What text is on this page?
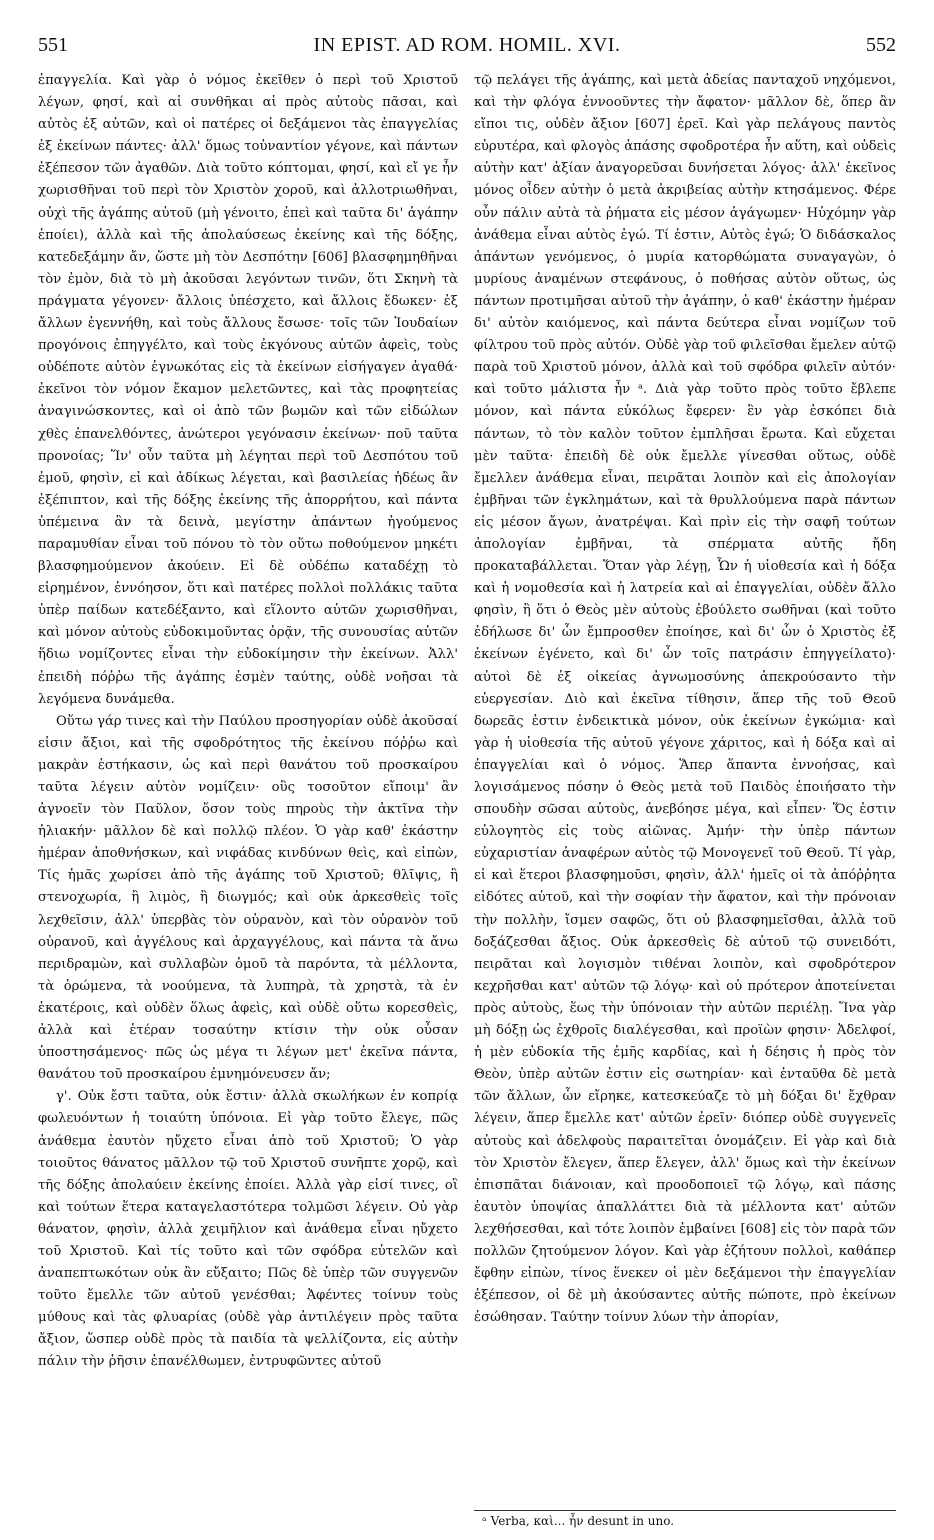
551	IN EPIST. AD ROM. HOMIL. XVI.	552

ἐπαγγελία. Καὶ γὰρ ὁ νόμος ἐκεῖθεν ὁ περὶ τοῦ Χριστοῦ λέγων, φησί, καὶ αἱ συνθῆκαι αἱ πρὸς αὐτοὺς πᾶσαι, καὶ αὐτὸς ἐξ αὐτῶν, καὶ οἱ πατέρες οἱ δεξάμενοι τὰς ἐπαγγελίας ἐξ ἐκείνων πάντες· ἀλλ' ὅμως τοὐναντίον γέγονε, καὶ πάντων ἐξέπεσον τῶν ἀγαθῶν. Διὰ τοῦτο κόπτομαι, φησί, καὶ εἴ γε ἦν χωρισθῆναι τοῦ περὶ τὸν Χριστὸν χοροῦ, καὶ ἀλλοτριωθῆναι, οὐχὶ τῆς ἀγάπης αὐτοῦ (μὴ γένοιτο, ἐπεὶ καὶ ταῦτα δι' ἀγάπην ἐποίει), ἀλλὰ καὶ τῆς ἀπολαύσεως ἐκείνης καὶ τῆς δόξης, κατεδεξάμην ἄν, ὥστε μὴ τὸν Δεσπότην [606] βλασφημηθῆναι τὸν ἐμὸν, διὰ τὸ μὴ ἀκοῦσαι λεγόντων τινῶν, ὅτι Σκηνὴ τὰ πράγματα γέγονεν· ἄλλοις ὑπέσχετο, καὶ ἄλλοις ἔδωκεν· ἐξ ἄλλων ἐγεννήθη, καὶ τοὺς ἄλλους ἔσωσε· τοῖς τῶν Ἰουδαίων προγόνοις ἐπηγγέλτο, καὶ τοὺς ἐκγόνους αὐτῶν ἀφεὶς, τοὺς οὐδέποτε αὐτὸν ἐγνωκότας εἰς τὰ ἐκείνων εἰσήγαγεν ἀγαθά· ἐκεῖνοι τὸν νόμον ἔκαμον μελετῶντες, καὶ τὰς προφητείας ἀναγινώσκοντες, καὶ οἱ ἀπὸ τῶν βωμῶν καὶ τῶν εἰδώλων χθὲς ἐπανελθόντες, ἀνώτεροι γεγόνασιν ἐκείνων· ποῦ ταῦτα προνοίας; Ἵν' οὖν ταῦτα μὴ λέγηται περὶ τοῦ Δεσπότου τοῦ ἐμοῦ, φησὶν, εἰ καὶ ἀδίκως λέγεται, καὶ βασιλείας ἡδέως ἂν ἐξέπιπτον, καὶ τῆς δόξης ἐκείνης τῆς ἀπορρήτου, καὶ πάντα ὑπέμεινα ἂν τὰ δεινὰ, μεγίστην ἁπάντων ἡγούμενος παραμυθίαν εἶναι τοῦ πόνου τὸ τὸν οὕτω ποθούμενον μηκέτι βλασφημούμενον ἀκούειν. Εἰ δὲ οὐδέπω καταδέχῃ τὸ εἰρημένον, ἐννόησον, ὅτι καὶ πατέρες πολλοὶ πολλάκις ταῦτα ὑπὲρ παίδων κατεδέξαντο, καὶ εἵλοντο αὐτῶν χωρισθῆναι, καὶ μόνον αὐτοὺς εὐδοκιμοῦντας ὁρᾷν, τῆς συνουσίας αὐτῶν ἥδιω νομίζοντες εἶναι τὴν εὐδοκίμησιν τὴν ἐκείνων. Ἀλλ' ἐπειδὴ πόῤῥω τῆς ἀγάπης ἐσμὲν ταύτης, οὐδὲ νοῆσαι τὰ λεγόμενα δυνάμεθα.

Οὕτω γάρ τινες καὶ τὴν Παύλου προσηγορίαν οὐδὲ ἀκοῦσαί εἰσιν ἄξιοι, καὶ τῆς σφοδρότητος τῆς ἐκείνου πόῤῥω καὶ μακρὰν ἑστήκασιν, ὡς καὶ περὶ θανάτου τοῦ προσκαίρου ταῦτα λέγειν αὐτὸν νομίζειν· οὓς τοσοῦτον εἴποιμ' ἂν ἀγνοεῖν τὸν Παῦλον, ὅσον τοὺς πηροὺς τὴν ἀκτῖνα τὴν ἡλιακήν· μᾶλλον δὲ καὶ πολλῷ πλέον. Ὁ γὰρ καθ' ἑκάστην ἡμέραν ἀποθνήσκων, καὶ νιφάδας κινδύνων θεὶς, καὶ εἰπὼν, Τίς ἡμᾶς χωρίσει ἀπὸ τῆς ἀγάπης τοῦ Χριστοῦ; θλῖψις, ἢ στενοχωρία, ἢ λιμὸς, ἢ διωγμός; καὶ οὐκ ἀρκεσθεὶς τοῖς λεχθεῖσιν, ἀλλ' ὑπερβὰς τὸν οὐρανὸν, καὶ τὸν οὐρανὸν τοῦ οὐρανοῦ, καὶ ἀγγέλους καὶ ἀρχαγγέλους, καὶ πάντα τὰ ἄνω περιδραμὼν, καὶ συλλαβὼν ὁμοῦ τὰ παρόντα, τὰ μέλλοντα, τὰ ὁρώμενα, τὰ νοούμενα, τὰ λυπηρὰ, τὰ χρηστὰ, τὰ ἐν ἑκατέροις, καὶ οὐδὲν ὅλως ἀφεὶς, καὶ οὐδὲ οὕτω κορεσθεὶς, ἀλλὰ καὶ ἑτέραν τοσαύτην κτίσιν τὴν οὐκ οὖσαν ὑποστησάμενος· πῶς ὡς μέγα τι λέγων μετ' ἐκεῖνα πάντα, θανάτου τοῦ προσκαίρου ἐμνημόνευσεν ἄν;

γ'. Οὐκ ἔστι ταῦτα, οὐκ ἔστιν· ἀλλὰ σκωλήκων ἐν κοπρίᾳ φωλευόντων ἡ τοιαύτη ὑπόνοια. Εἰ γὰρ τοῦτο ἔλεγε, πῶς ἀνάθεμα ἑαυτὸν ηὔχετο εἶναι ἀπὸ τοῦ Χριστοῦ; Ὁ γὰρ τοιοῦτος θάνατος μᾶλλον τῷ τοῦ Χριστοῦ συνῆπτε χορῷ, καὶ τῆς δόξης ἀπολαύειν ἐκείνης ἐποίει. Ἀλλὰ γὰρ εἰσί τινες, οἳ καὶ τούτων ἕτερα καταγελαστότερα τολμῶσι λέγειν. Οὐ γὰρ θάνατον, φησὶν, ἀλλὰ χειμῆλιον καὶ ἀνάθεμα εἶναι ηὔχετο τοῦ Χριστοῦ. Καὶ τίς τοῦτο καὶ τῶν σφόδρα εὐτελῶν καὶ ἀναπεπτωκότων οὐκ ἂν εὔξαιτο; Πῶς δὲ ὑπὲρ τῶν συγγενῶν τοῦτο ἔμελλε τῶν αὐτοῦ γενέσθαι; Ἀφέντες τοίνυν τοὺς μύθους καὶ τὰς φλυαρίας (οὐδὲ γὰρ ἀντιλέγειν πρὸς ταῦτα ἄξιον, ὥσπερ οὐδὲ πρὸς τὰ παιδία τὰ ψελλίζοντα, εἰς αὐτὴν πάλιν τὴν ῥῆσιν ἐπανέλθωμεν, ἐντρυφῶντες αὐτοῦ

τῷ πελάγει τῆς ἀγάπης, καὶ μετὰ ἀδείας πανταχοῦ νηχόμενοι, καὶ τὴν φλόγα ἐννοοῦντες τὴν ἄφατον· μᾶλλον δὲ, ὅπερ ἂν εἴποι τις, οὐδὲν ἄξιον [607] ἐρεῖ. Καὶ γὰρ πελάγους παντὸς εὐρυτέρα, καὶ φλογὸς ἁπάσης σφοδροτέρα ἦν αὕτη, καὶ οὐδεὶς αὐτὴν κατ' ἀξίαν ἀναγορεῦσαι δυνήσεται λόγος· ἀλλ' ἐκεῖνος μόνος οἶδεν αὐτὴν ὁ μετὰ ἀκριβείας αὐτὴν κτησάμενος. Φέρε οὖν πάλιν αὐτὰ τὰ ῥήματα εἰς μέσον ἀγάγωμεν· Ηὐχόμην γὰρ ἀνάθεμα εἶναι αὐτὸς ἐγώ. Τί ἐστιν, Αὐτὸς ἐγώ; Ὁ διδάσκαλος ἁπάντων γενόμενος, ὁ μυρία κατορθώματα συναγαγὼν, ὁ μυρίους ἀναμένων στεφάνους, ὁ ποθήσας αὐτὸν οὕτως, ὡς πάντων προτιμῆσαι αὐτοῦ τὴν ἀγάπην, ὁ καθ' ἑκάστην ἡμέραν δι' αὐτὸν καιόμενος, καὶ πάντα δεύτερα εἶναι νομίζων τοῦ φίλτρου τοῦ πρὸς αὐτόν. Οὐδὲ γὰρ τοῦ φιλεῖσθαι ἔμελεν αὐτῷ παρὰ τοῦ Χριστοῦ μόνον, ἀλλὰ καὶ τοῦ σφόδρα φιλεῖν αὐτόν· καὶ τοῦτο μάλιστα ἦν ᵃ. Διὰ γὰρ τοῦτο πρὸς τοῦτο ἔβλεπε μόνον, καὶ πάντα εὐκόλως ἔφερεν· ἓν γὰρ ἐσκόπει διὰ πάντων, τὸ τὸν καλὸν τοῦτον ἐμπλῆσαι ἔρωτα. Καὶ εὔχεται μὲν ταῦτα· ἐπειδὴ δὲ οὐκ ἔμελλε γίνεσθαι οὕτως, οὐδὲ ἔμελλεν ἀνάθεμα εἶναι, πειρᾶται λοιπὸν καὶ εἰς ἀπολογίαν ἐμβῆναι τῶν ἐγκλημάτων, καὶ τὰ θρυλλούμενα παρὰ πάντων εἰς μέσον ἄγων, ἀνατρέψαι. Καὶ πρὶν εἰς τὴν σαφῆ τούτων ἀπολογίαν ἐμβῆναι, τὰ σπέρματα αὐτῆς ἤδη προκαταβάλλεται. Ὅταν γὰρ λέγῃ, Ὧν ἡ υἱοθεσία καὶ ἡ δόξα καὶ ἡ νομοθεσία καὶ ἡ λατρεία καὶ αἱ ἐπαγγελίαι, οὐδὲν ἄλλο φησὶν, ἢ ὅτι ὁ Θεὸς μὲν αὐτοὺς ἐβούλετο σωθῆναι (καὶ τοῦτο ἐδήλωσε δι' ὧν ἔμπροσθεν ἐποίησε, καὶ δι' ὧν ὁ Χριστὸς ἐξ ἐκείνων ἐγένετο, καὶ δι' ὧν τοῖς πατράσιν ἐπηγγείλατο)· αὐτοὶ δὲ ἐξ οἰκείας ἀγνωμοσύνης ἀπεκρούσαντο τὴν εὐεργεσίαν. Διὸ καὶ ἐκεῖνα τίθησιν, ἅπερ τῆς τοῦ Θεοῦ δωρεᾶς ἐστιν ἐνδεικτικὰ μόνον, οὐκ ἐκείνων ἐγκώμια· καὶ γὰρ ἡ υἱοθεσία τῆς αὐτοῦ γέγονε χάριτος, καὶ ἡ δόξα καὶ αἱ ἐπαγγελίαι καὶ ὁ νόμος. Ἅπερ ἅπαντα ἐννοήσας, καὶ λογισάμενος πόσην ὁ Θεὸς μετὰ τοῦ Παιδὸς ἐποιήσατο τὴν σπουδὴν σῶσαι αὐτοὺς, ἀνεβόησε μέγα, καὶ εἶπεν· Ὅς ἐστιν εὐλογητὸς εἰς τοὺς αἰῶνας. Ἀμήν· τὴν ὑπὲρ πάντων εὐχαριστίαν ἀναφέρων αὐτὸς τῷ Μονογενεῖ τοῦ Θεοῦ. Τί γὰρ, εἰ καὶ ἕτεροι βλασφημοῦσι, φησὶν, ἀλλ' ἡμεῖς οἱ τὰ ἀπόῤῥητα εἰδότες αὐτοῦ, καὶ τὴν σοφίαν τὴν ἄφατον, καὶ τὴν πρόνοιαν τὴν πολλὴν, ἴσμεν σαφῶς, ὅτι οὐ βλασφημεῖσθαι, ἀλλὰ τοῦ δοξάζεσθαι ἄξιος. Οὐκ ἀρκεσθεὶς δὲ αὐτοῦ τῷ συνειδότι, πειρᾶται καὶ λογισμὸν τιθέναι λοιπὸν, καὶ σφοδρότερον κεχρῆσθαι κατ' αὐτῶν τῷ λόγῳ· καὶ οὐ πρότερον ἀποτείνεται πρὸς αὐτοὺς, ἕως τὴν ὑπόνοιαν τὴν αὐτῶν περιέλῃ. Ἵνα γὰρ μὴ δόξῃ ὡς ἐχθροῖς διαλέγεσθαι, καὶ προϊὼν φησιν· Ἀδελφοί, ἡ μὲν εὐδοκία τῆς ἐμῆς καρδίας, καὶ ἡ δέησις ἡ πρὸς τὸν Θεὸν, ὑπὲρ αὐτῶν ἐστιν εἰς σωτηρίαν· καὶ ἐνταῦθα δὲ μετὰ τῶν ἄλλων, ὧν εἴρηκε, κατεσκεύαζε τὸ μὴ δόξαι δι' ἔχθραν λέγειν, ἅπερ ἔμελλε κατ' αὐτῶν ἐρεῖν· διόπερ οὐδὲ συγγενεῖς αὐτοὺς καὶ ἀδελφοὺς παραιτεῖται ὀνομάζειν. Εἰ γὰρ καὶ διὰ τὸν Χριστὸν ἔλεγεν, ἅπερ ἔλεγεν, ἀλλ' ὅμως καὶ τὴν ἐκείνων ἐπισπᾶται διάνοιαν, καὶ προοδοποιεῖ τῷ λόγῳ, καὶ πάσης ἑαυτὸν ὑποψίας ἀπαλλάττει διὰ τὰ μέλλοντα κατ' αὐτῶν λεχθήσεσθαι, καὶ τότε λοιπὸν ἐμβαίνει [608] εἰς τὸν παρὰ τῶν πολλῶν ζητούμενον λόγον. Καὶ γὰρ ἐζήτουν πολλοὶ, καθάπερ ἔφθην εἰπὼν, τίνος ἕνεκεν οἱ μὲν δεξάμενοι τὴν ἐπαγγελίαν ἐξέπεσον, οἱ δὲ μὴ ἀκούσαντες αὐτῆς πώποτε, πρὸ ἐκείνων ἐσώθησαν. Ταύτην τοίνυν λύων τὴν ἀπορίαν,

ᵃ Verba, καὶ... ἦν desunt in uno.
